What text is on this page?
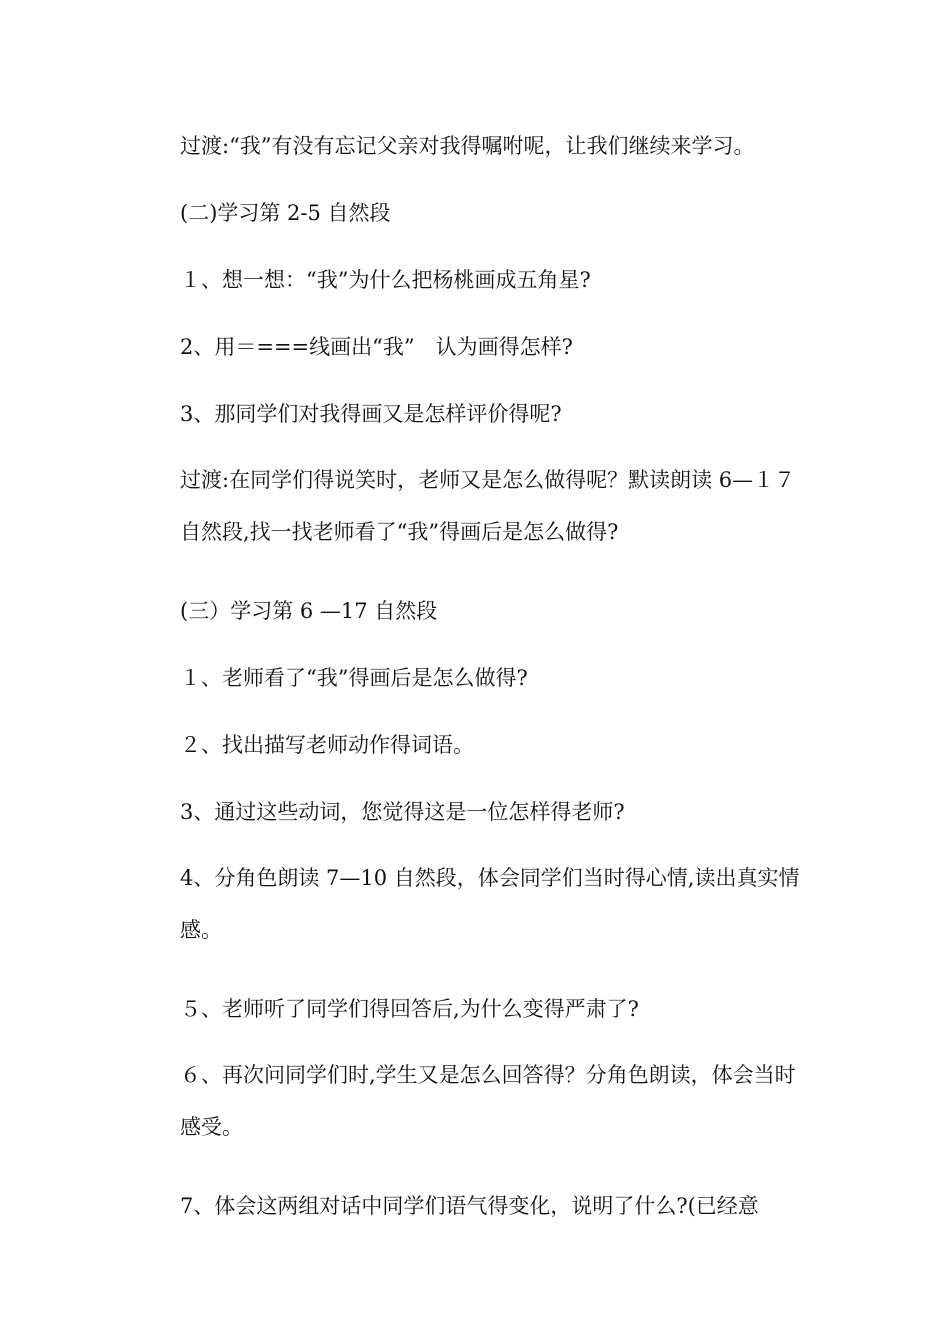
过渡:“我”有没有忘记父亲对我得嘱咐呢，让我们继续来学习。

(二)学习第 2-5 自然段

１、想一想：“我”为什么把杨桃画成五角星?

2、用＝===线画出“我”　认为画得怎样?

3、那同学们对我得画又是怎样评价得呢?

过渡:在同学们得说笑时，老师又是怎么做得呢？默读朗读 6—１７自然段,找一找老师看了“我”得画后是怎么做得?

(三）学习第 6 —17 自然段

１、老师看了“我”得画后是怎么做得?

２、找出描写老师动作得词语。

3、通过这些动词，您觉得这是一位怎样得老师?

4、分角色朗读 7—10 自然段，体会同学们当时得心情,读出真实情感。

５、老师听了同学们得回答后,为什么变得严肃了?

６、再次问同学们时,学生又是怎么回答得？分角色朗读，体会当时感受。

7、体会这两组对话中同学们语气得变化，说明了什么?(已经意
